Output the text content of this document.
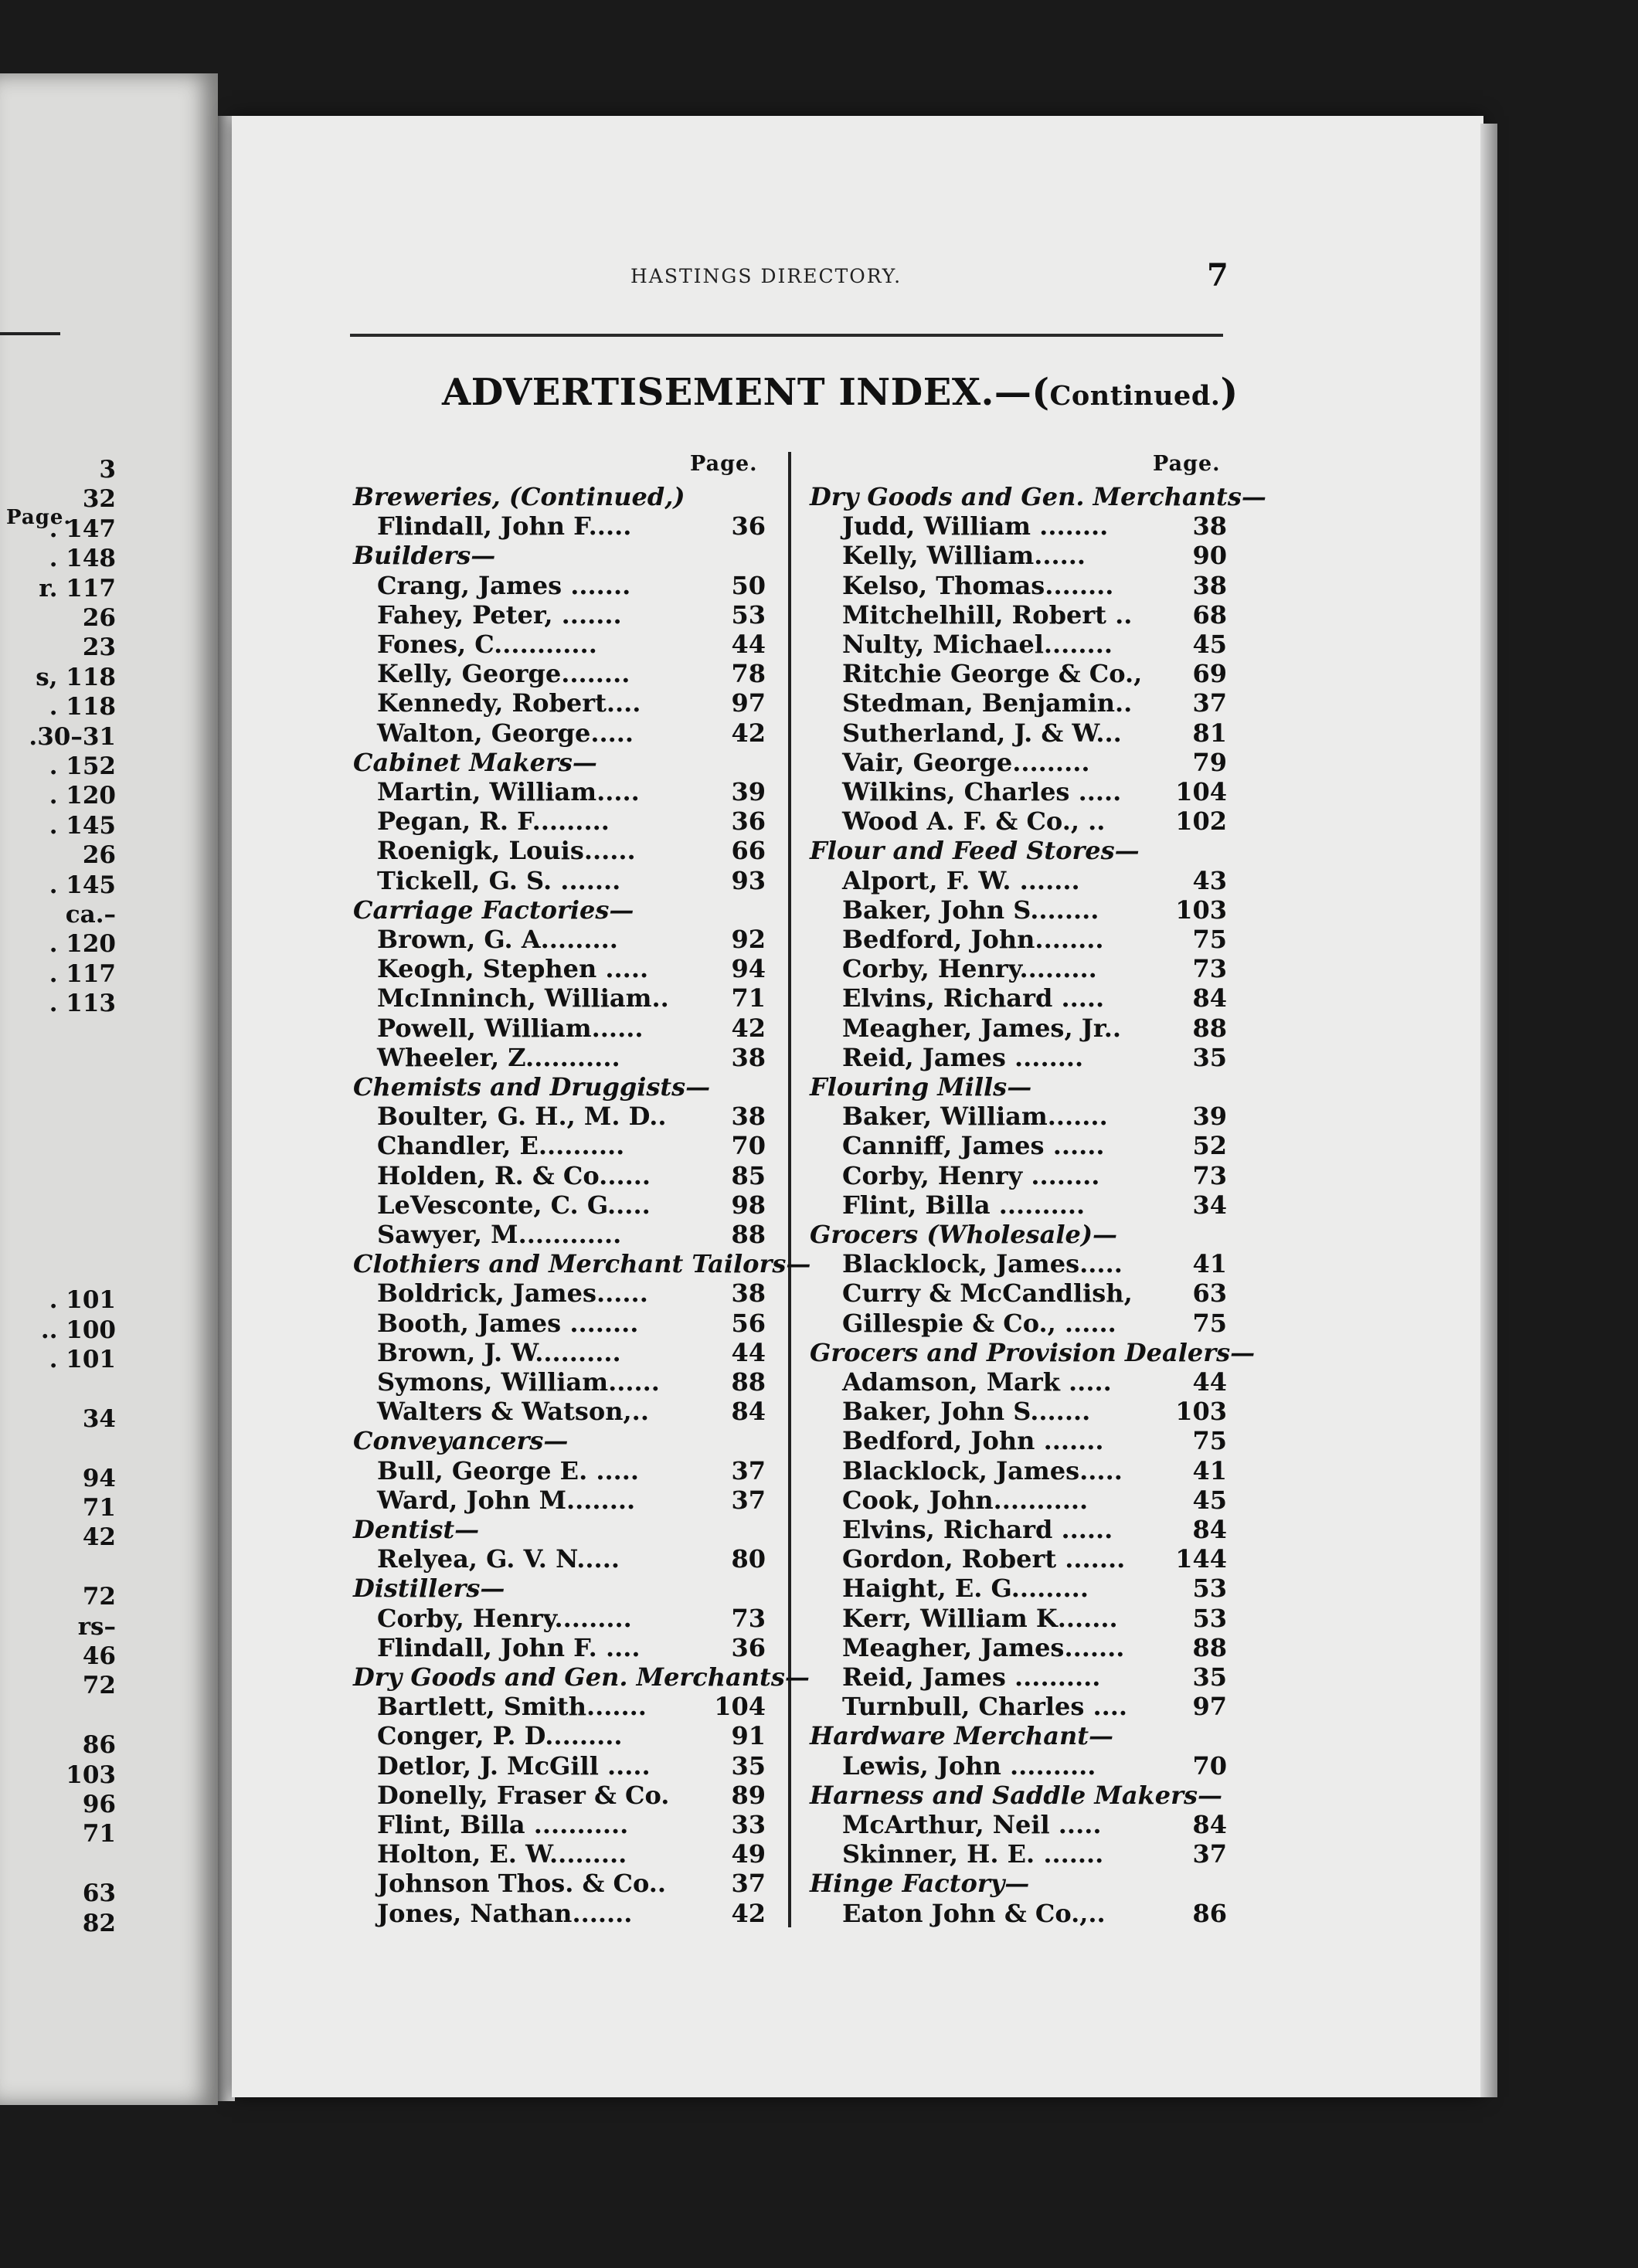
Page.
3
32
. 147
. 148
r. 117
26
23
s, 118
. 118
.30–31
. 152
. 120
. 145
26
. 145
ca.–
. 120
. 117
. 113
. 101
.. 100
. 101
34
94
71
42
72
rs–
46
72
86
103
96
71
63
82
HASTINGS DIRECTORY.	7
ADVERTISEMENT INDEX.—(Continued.)
Page.	Page.
Breweries, (Continued,)
Flindall, John F.....	36
Builders—
Crang, James .......	50
Fahey, Peter, .......	53
Fones, C............	44
Kelly, George........	78
Kennedy, Robert....	97
Walton, George.....	42
Cabinet Makers—
Martin, William.....	39
Pegan, R. F.........	36
Roenigk, Louis......	66
Tickell, G. S. .......	93
Carriage Factories—
Brown, G. A.........	92
Keogh, Stephen .....	94
McInninch, William..	71
Powell, William......	42
Wheeler, Z...........	38
Chemists and Druggists—
Boulter, G. H., M. D..	38
Chandler, E..........	70
Holden, R. & Co......	85
LeVesconte, C. G.....	98
Sawyer, M............	88
Clothiers and Merchant Tailors—
Boldrick, James......	38
Booth, James ........	56
Brown, J. W..........	44
Symons, William......	88
Walters & Watson,..	84
Conveyancers—
Bull, George E. .....	37
Ward, John M........	37
Dentist—
Relyea, G. V. N.....	80
Distillers—
Corby, Henry.........	73
Flindall, John F. ....	36
Dry Goods and Gen. Merchants—
Bartlett, Smith.......	104
Conger, P. D.........	91
Detlor, J. McGill .....	35
Donelly, Fraser & Co.	89
Flint, Billa ...........	33
Holton, E. W.........	49
Johnson Thos. & Co..	37
Jones, Nathan.......	42
Dry Goods and Gen. Merchants—
Judd, William ........	38
Kelly, William......	90
Kelso, Thomas........	38
Mitchelhill, Robert .. 68
Nulty, Michael........	45
Ritchie George & Co., 69
Stedman, Benjamin.. 37
Sutherland, J. & W...	81
Vair, George.........	79
Wilkins, Charles ..... 104
Wood A. F. & Co., ..	102
Flour and Feed Stores—
Alport, F. W. .......	43
Baker, John S........	103
Bedford, John........	75
Corby, Henry.........	73
Elvins, Richard .....	84
Meagher, James, Jr..	88
Reid, James ........	35
Flouring Mills—
Baker, William.......	39
Canniff, James ......	52
Corby, Henry ........	73
Flint, Billa ..........	34
Grocers (Wholesale)—
Blacklock, James.....	41
Curry & McCandlish, 63
Gillespie & Co., ......	75
Grocers and Provision Dealers—
Adamson, Mark .....	44
Baker, John S.......	103
Bedford, John .......	75
Blacklock, James.....	41
Cook, John...........	45
Elvins, Richard ......	84
Gordon, Robert ....... 144
Haight, E. G.........	53
Kerr, William K.......	53
Meagher, James.......	88
Reid, James ..........	35
Turnbull, Charles ....	97
Hardware Merchant—
Lewis, John ..........	70
Harness and Saddle Makers—
McArthur, Neil .....	84
Skinner, H. E. .......	37
Hinge Factory—
Eaton John & Co.,..	86
